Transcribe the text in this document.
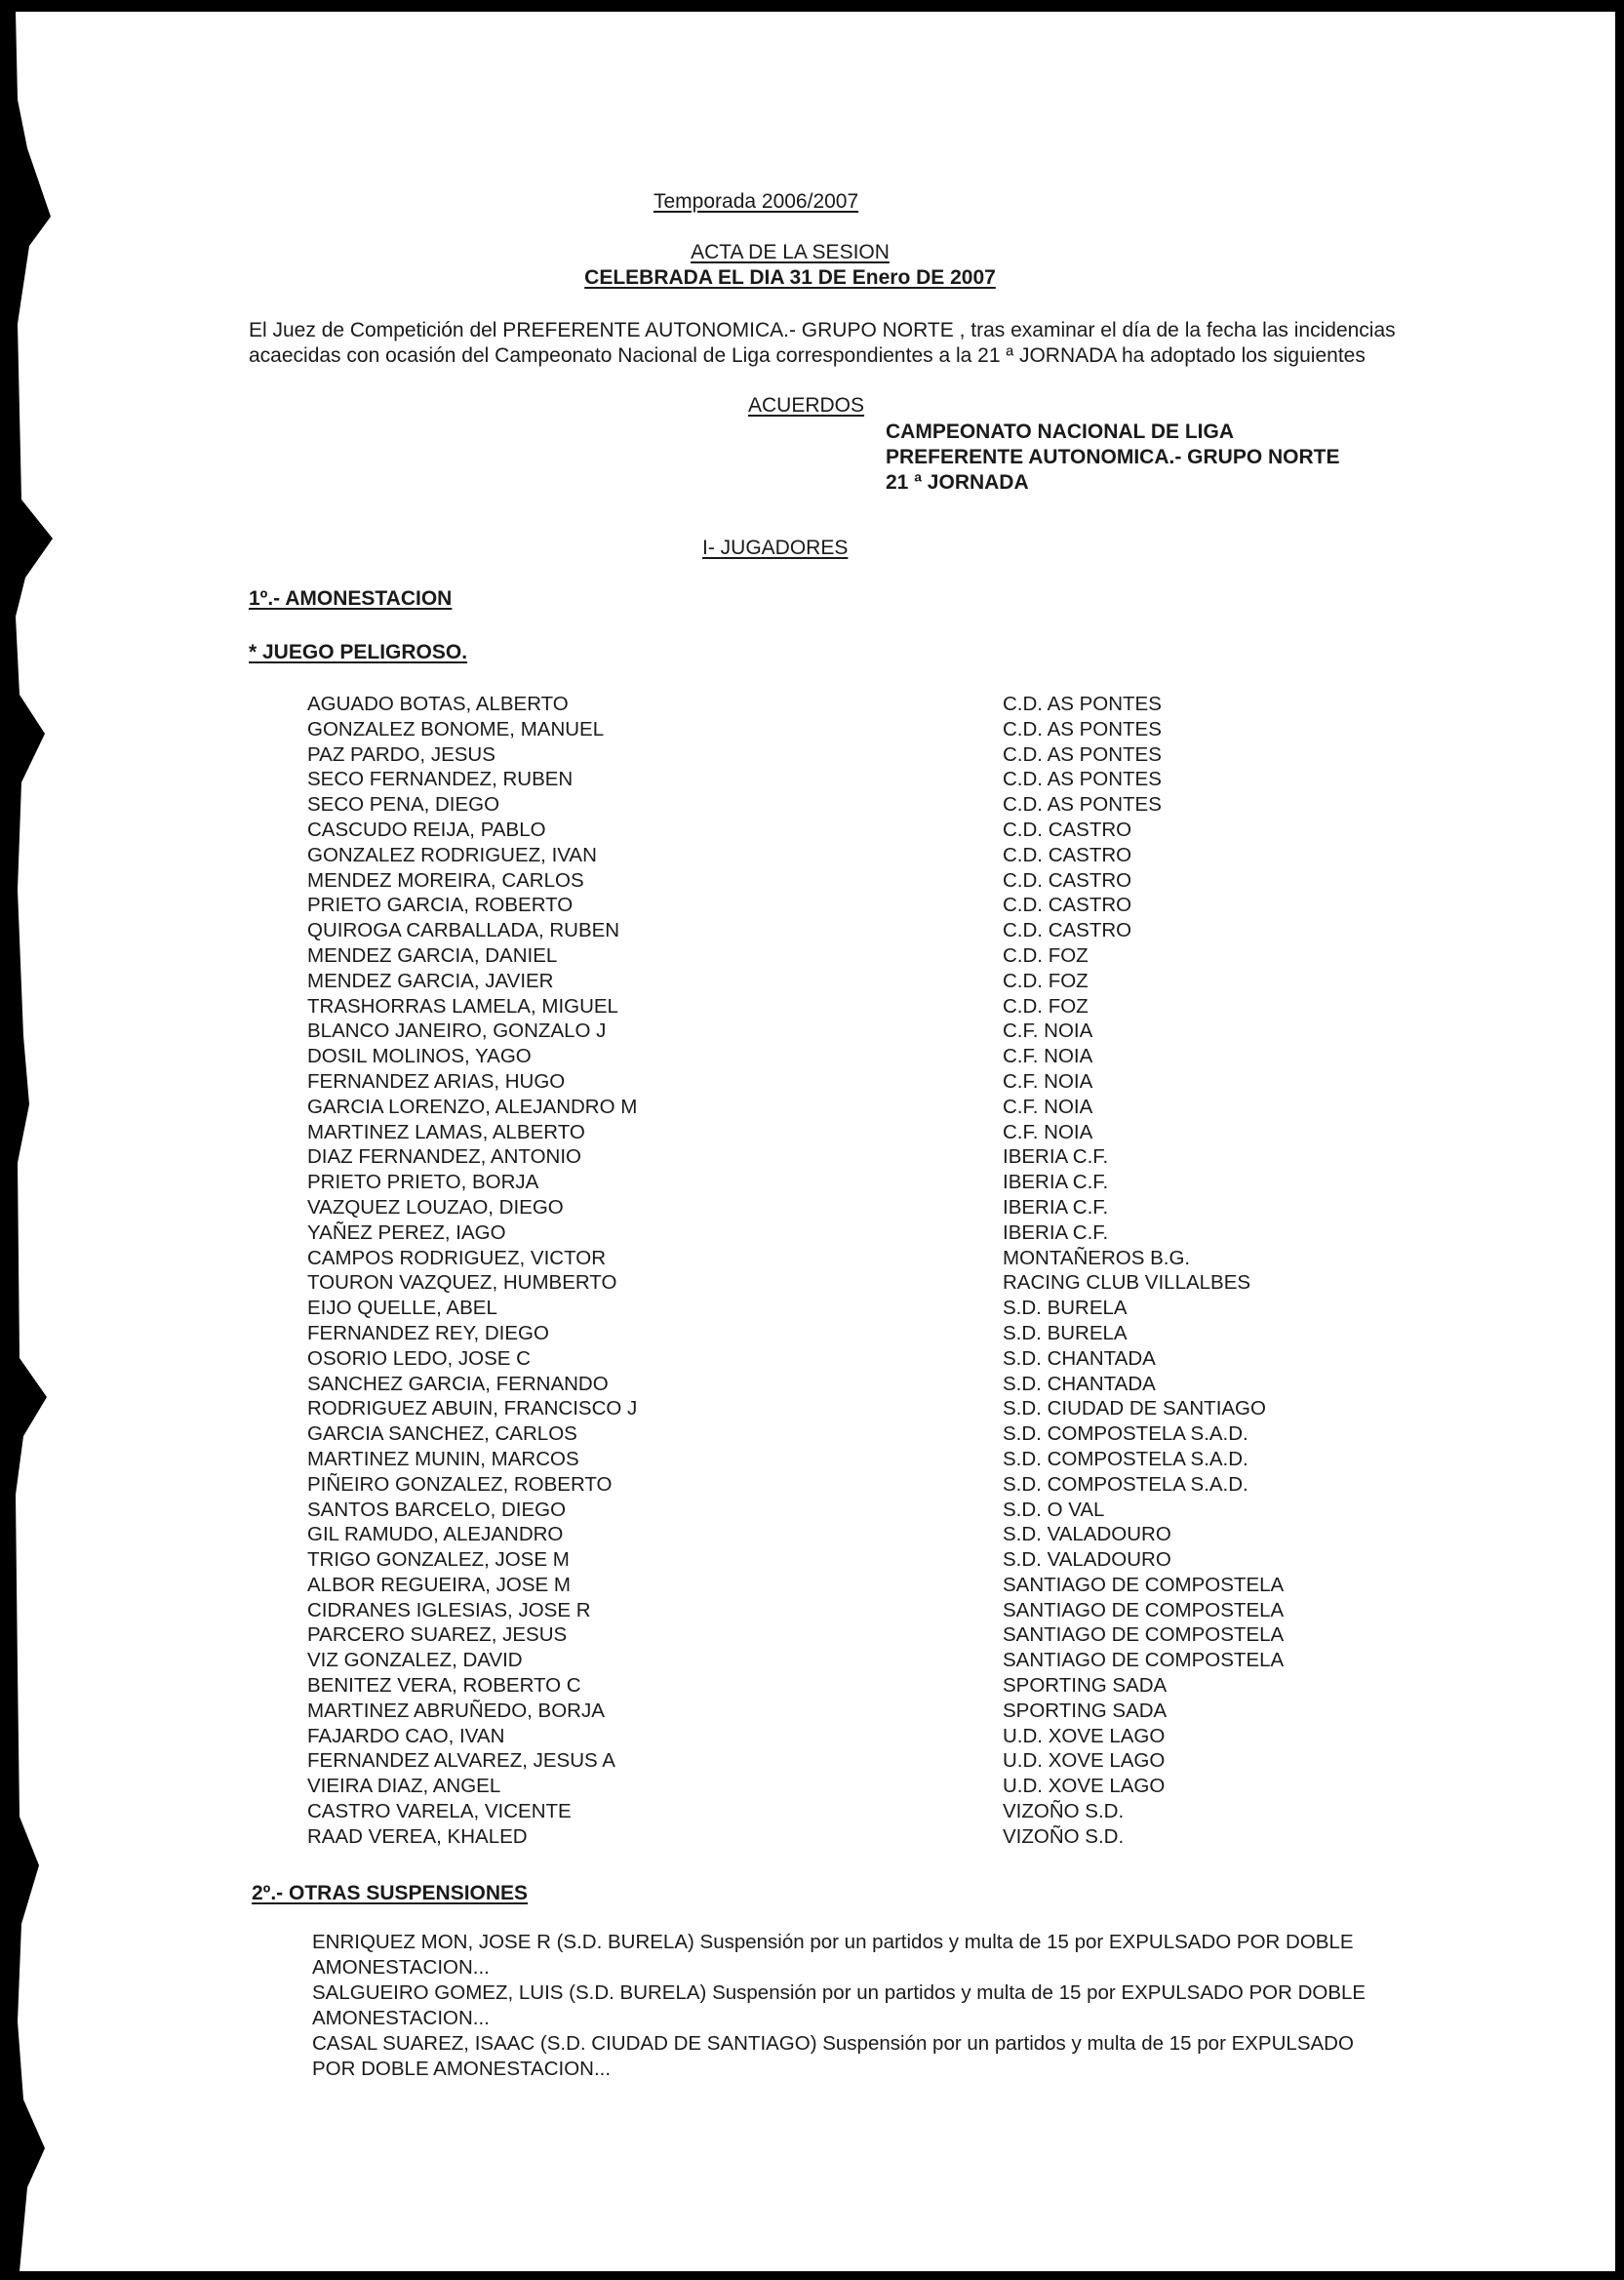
Temporada 2006/2007
ACTA DE LA SESION
CELEBRADA EL DIA 31 DE Enero DE 2007
El Juez de Competición del PREFERENTE AUTONOMICA.- GRUPO NORTE , tras examinar el día de la fecha las incidencias
acaecidas con ocasión del Campeonato Nacional de Liga correspondientes a la 21 ª JORNADA ha adoptado los siguientes
ACUERDOS
CAMPEONATO NACIONAL DE LIGA
PREFERENTE AUTONOMICA.- GRUPO NORTE
21 ª JORNADA
I- JUGADORES
1º.- AMONESTACION
* JUEGO PELIGROSO.
AGUADO BOTAS, ALBERTO	C.D. AS PONTES
GONZALEZ BONOME, MANUEL	C.D. AS PONTES
PAZ PARDO, JESUS	C.D. AS PONTES
SECO FERNANDEZ, RUBEN	C.D. AS PONTES
SECO PENA, DIEGO	C.D. AS PONTES
CASCUDO REIJA, PABLO	C.D. CASTRO
GONZALEZ RODRIGUEZ, IVAN	C.D. CASTRO
MENDEZ MOREIRA, CARLOS	C.D. CASTRO
PRIETO GARCIA, ROBERTO	C.D. CASTRO
QUIROGA CARBALLADA, RUBEN	C.D. CASTRO
MENDEZ GARCIA, DANIEL	C.D. FOZ
MENDEZ GARCIA, JAVIER	C.D. FOZ
TRASHORRAS LAMELA, MIGUEL	C.D. FOZ
BLANCO JANEIRO, GONZALO J	C.F. NOIA
DOSIL MOLINOS, YAGO	C.F. NOIA
FERNANDEZ ARIAS, HUGO	C.F. NOIA
GARCIA LORENZO, ALEJANDRO M	C.F. NOIA
MARTINEZ LAMAS, ALBERTO	C.F. NOIA
DIAZ FERNANDEZ, ANTONIO	IBERIA C.F.
PRIETO PRIETO, BORJA	IBERIA C.F.
VAZQUEZ LOUZAO, DIEGO	IBERIA C.F.
YAÑEZ PEREZ, IAGO	IBERIA C.F.
CAMPOS RODRIGUEZ, VICTOR	MONTAÑEROS B.G.
TOURON VAZQUEZ, HUMBERTO	RACING CLUB VILLALBES
EIJO QUELLE, ABEL	S.D. BURELA
FERNANDEZ REY, DIEGO	S.D. BURELA
OSORIO LEDO, JOSE C	S.D. CHANTADA
SANCHEZ GARCIA, FERNANDO	S.D. CHANTADA
RODRIGUEZ ABUIN, FRANCISCO J	S.D. CIUDAD DE SANTIAGO
GARCIA SANCHEZ, CARLOS	S.D. COMPOSTELA S.A.D.
MARTINEZ MUNIN, MARCOS	S.D. COMPOSTELA S.A.D.
PIÑEIRO GONZALEZ, ROBERTO	S.D. COMPOSTELA S.A.D.
SANTOS BARCELO, DIEGO	S.D. O VAL
GIL RAMUDO, ALEJANDRO	S.D. VALADOURO
TRIGO GONZALEZ, JOSE M	S.D. VALADOURO
ALBOR REGUEIRA, JOSE M	SANTIAGO DE COMPOSTELA
CIDRANES IGLESIAS, JOSE R	SANTIAGO DE COMPOSTELA
PARCERO SUAREZ, JESUS	SANTIAGO DE COMPOSTELA
VIZ GONZALEZ, DAVID	SANTIAGO DE COMPOSTELA
BENITEZ VERA, ROBERTO C	SPORTING SADA
MARTINEZ ABRUÑEDO, BORJA	SPORTING SADA
FAJARDO CAO, IVAN	U.D. XOVE LAGO
FERNANDEZ ALVAREZ, JESUS A	U.D. XOVE LAGO
VIEIRA DIAZ, ANGEL	U.D. XOVE LAGO
CASTRO VARELA, VICENTE	VIZOÑO S.D.
RAAD VEREA, KHALED	VIZOÑO S.D.
2º.- OTRAS SUSPENSIONES
ENRIQUEZ MON, JOSE R (S.D. BURELA) Suspensión por un partidos y multa de 15 por EXPULSADO POR DOBLE
AMONESTACION...
SALGUEIRO GOMEZ, LUIS (S.D. BURELA) Suspensión por un partidos y multa de 15 por EXPULSADO POR DOBLE
AMONESTACION...
CASAL SUAREZ, ISAAC (S.D. CIUDAD DE SANTIAGO) Suspensión por un partidos y multa de 15 por EXPULSADO
POR DOBLE AMONESTACION...
